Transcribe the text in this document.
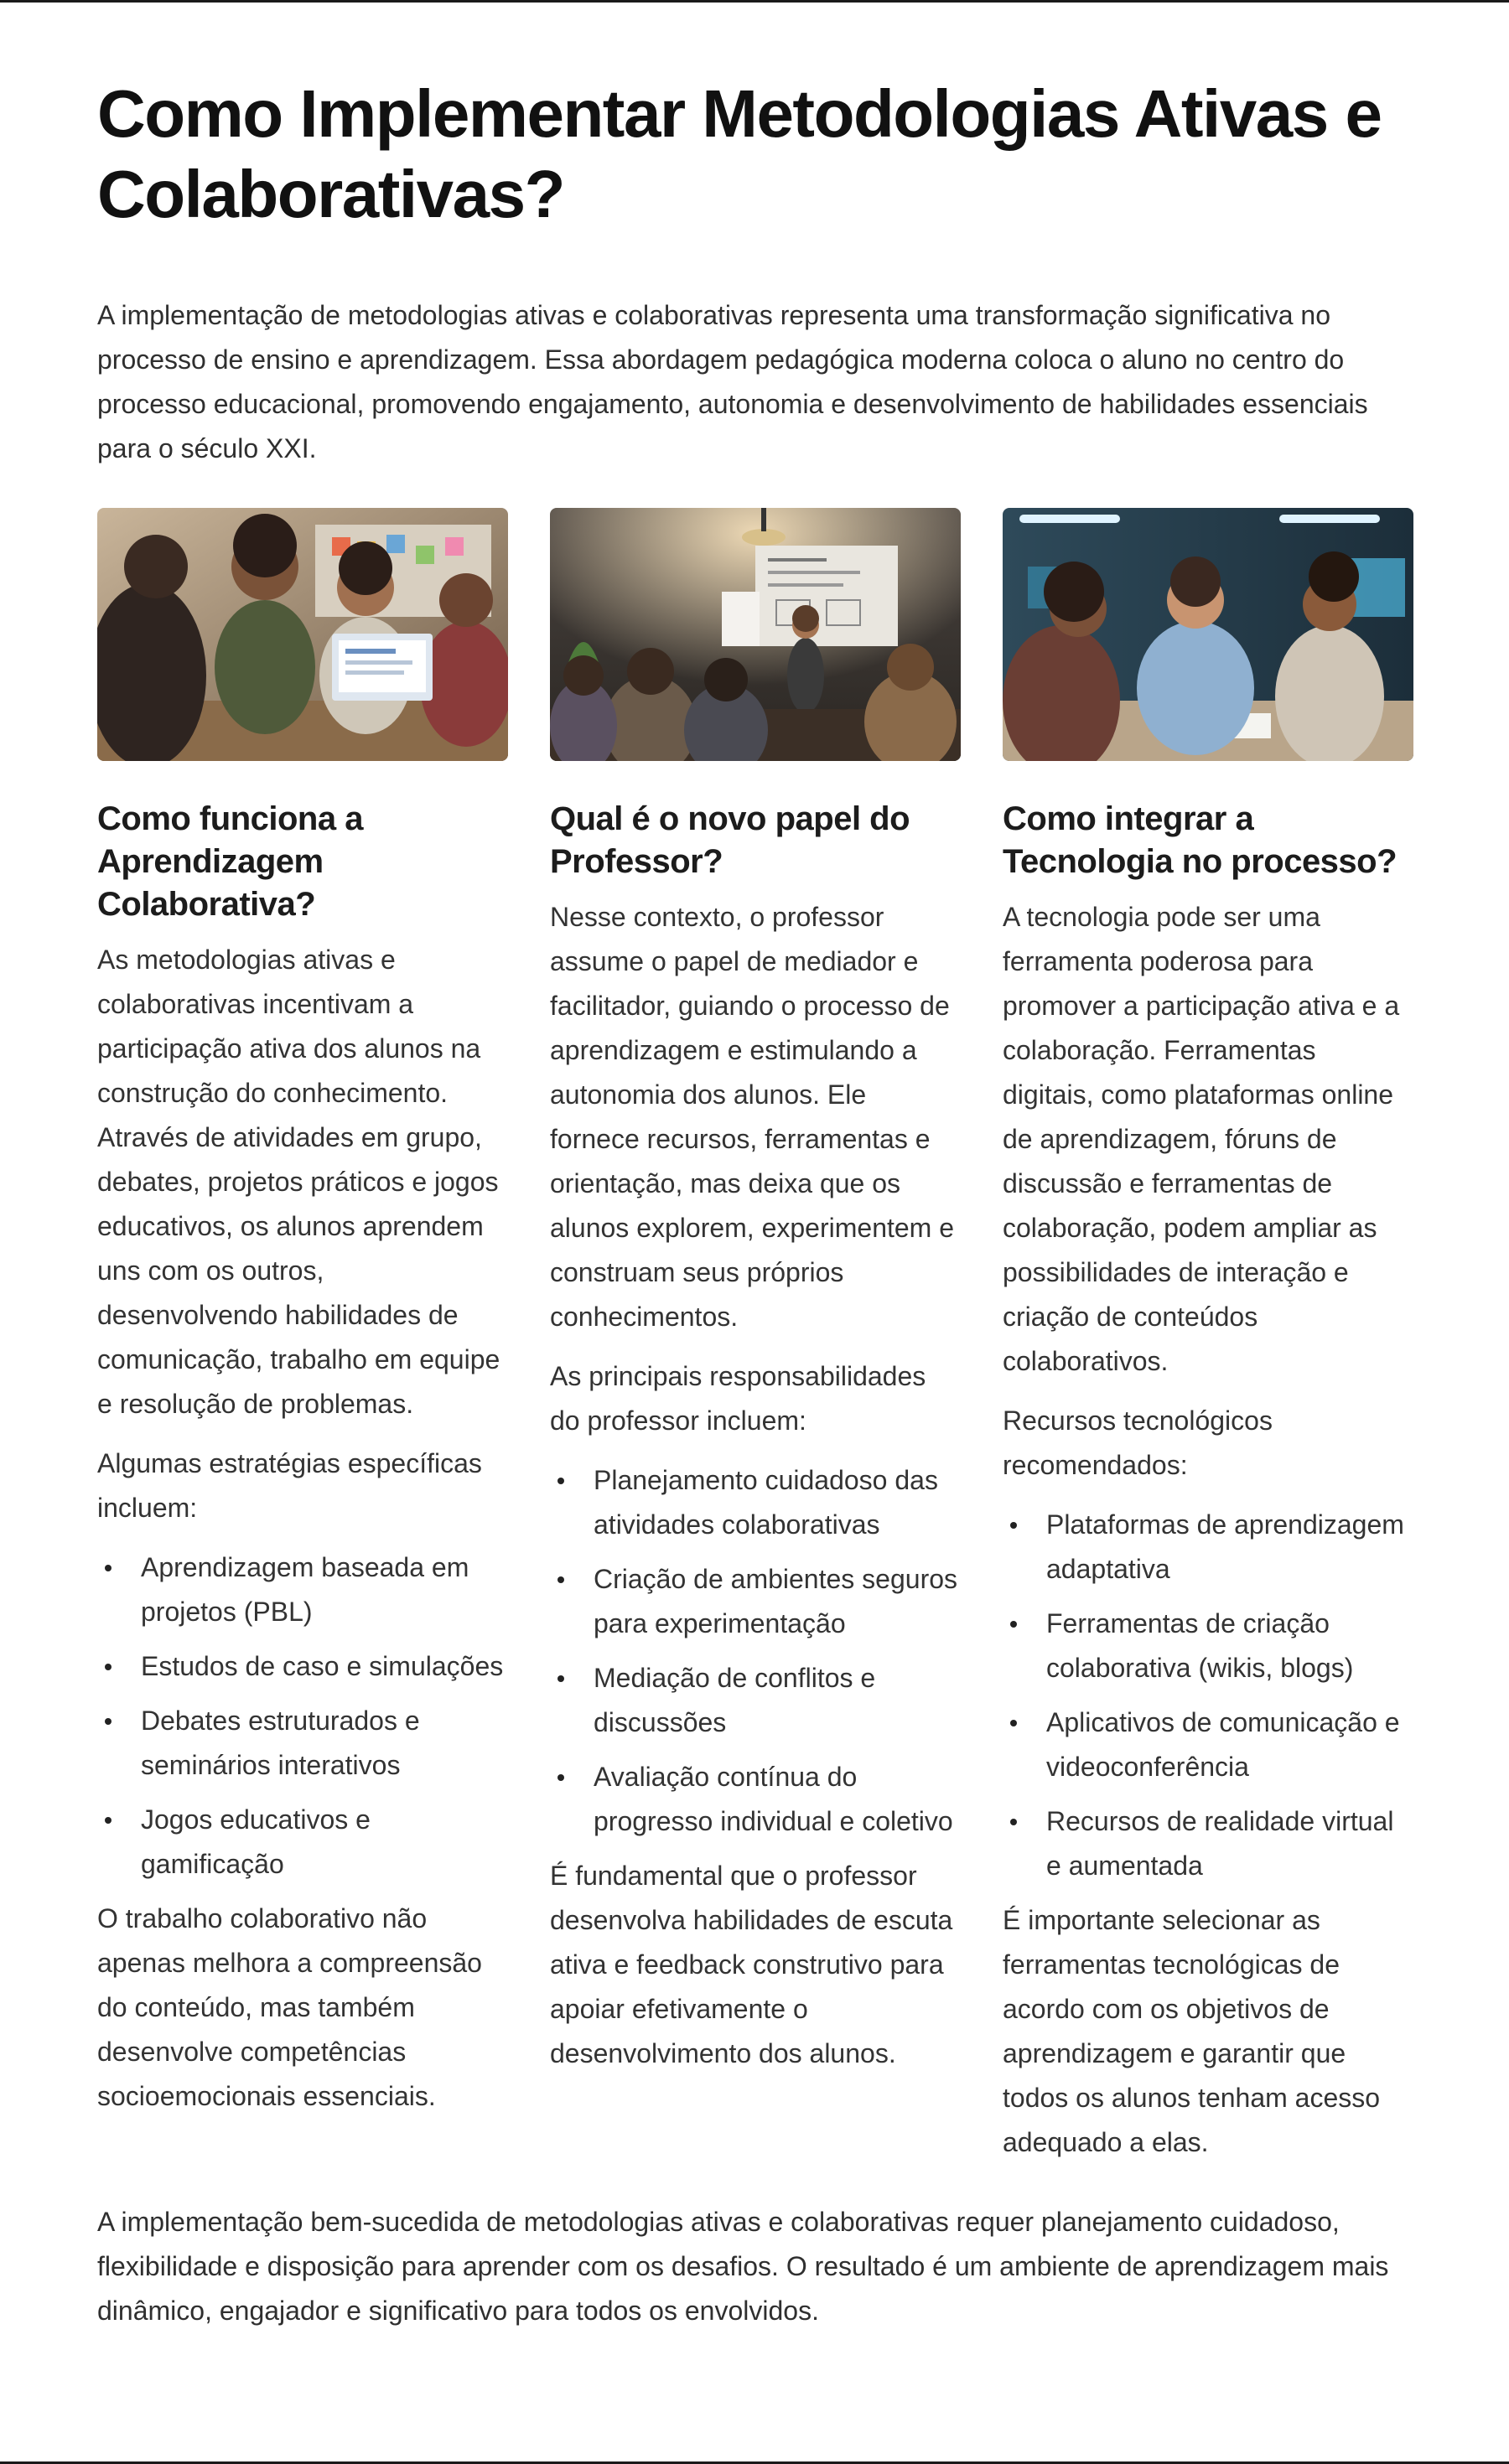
Como Implementar Metodologias Ativas e Colaborativas?

A implementação de metodologias ativas e colaborativas representa uma transformação significativa no processo de ensino e aprendizagem. Essa abordagem pedagógica moderna coloca o aluno no centro do processo educacional, promovendo engajamento, autonomia e desenvolvimento de habilidades essenciais para o século XXI.

Como funciona a Aprendizagem Colaborativa?

As metodologias ativas e colaborativas incentivam a participação ativa dos alunos na construção do conhecimento. Através de atividades em grupo, debates, projetos práticos e jogos educativos, os alunos aprendem uns com os outros, desenvolvendo habilidades de comunicação, trabalho em equipe e resolução de problemas.

Algumas estratégias específicas incluem:

Aprendizagem baseada em projetos (PBL)
Estudos de caso e simulações
Debates estruturados e seminários interativos
Jogos educativos e gamificação

O trabalho colaborativo não apenas melhora a compreensão do conteúdo, mas também desenvolve competências socioemocionais essenciais.

Qual é o novo papel do Professor?

Nesse contexto, o professor assume o papel de mediador e facilitador, guiando o processo de aprendizagem e estimulando a autonomia dos alunos. Ele fornece recursos, ferramentas e orientação, mas deixa que os alunos explorem, experimentem e construam seus próprios conhecimentos.

As principais responsabilidades do professor incluem:

Planejamento cuidadoso das atividades colaborativas
Criação de ambientes seguros para experimentação
Mediação de conflitos e discussões
Avaliação contínua do progresso individual e coletivo

É fundamental que o professor desenvolva habilidades de escuta ativa e feedback construtivo para apoiar efetivamente o desenvolvimento dos alunos.

Como integrar a Tecnologia no processo?

A tecnologia pode ser uma ferramenta poderosa para promover a participação ativa e a colaboração. Ferramentas digitais, como plataformas online de aprendizagem, fóruns de discussão e ferramentas de colaboração, podem ampliar as possibilidades de interação e criação de conteúdos colaborativos.

Recursos tecnológicos recomendados:

Plataformas de aprendizagem adaptativa
Ferramentas de criação colaborativa (wikis, blogs)
Aplicativos de comunicação e videoconferência
Recursos de realidade virtual e aumentada

É importante selecionar as ferramentas tecnológicas de acordo com os objetivos de aprendizagem e garantir que todos os alunos tenham acesso adequado a elas.

A implementação bem-sucedida de metodologias ativas e colaborativas requer planejamento cuidadoso, flexibilidade e disposição para aprender com os desafios. O resultado é um ambiente de aprendizagem mais dinâmico, engajador e significativo para todos os envolvidos.
